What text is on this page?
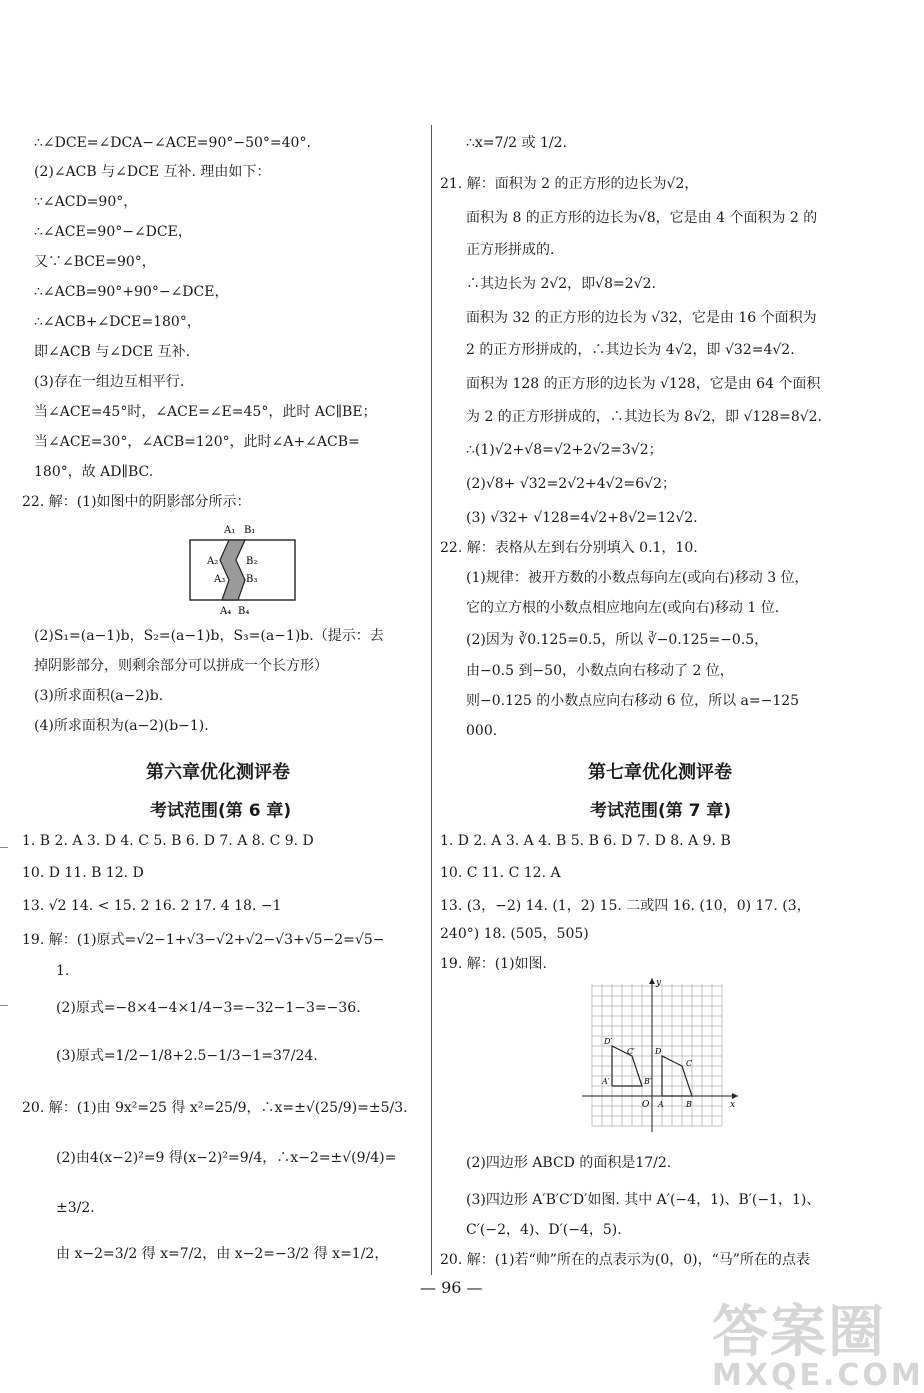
∴∠DCE=∠DCA−∠ACE=90°−50°=40°.
(2)∠ACB 与∠DCE 互补. 理由如下：
∵∠ACD=90°，
∴∠ACE=90°−∠DCE，
又∵∠BCE=90°，
∴∠ACB=90°+90°−∠DCE，
∴∠ACB+∠DCE=180°，
即∠ACB 与∠DCE 互补.
(3)存在一组边互相平行.
当∠ACE=45°时，∠ACE=∠E=45°，此时 AC∥BE；
当∠ACE=30°，∠ACB=120°，此时∠A+∠ACB=
180°，故 AD∥BC.
22. 解：(1)如图中的阴影部分所示：
A₁ B₁
A₂	B₂
A₃ B₃
A₄ B₄
(2)S₁=(a−1)b，S₂=(a−1)b，S₃=(a−1)b.（提示：去
掉阴影部分，则剩余部分可以拼成一个长方形）
(3)所求面积(a−2)b.
(4)所求面积为(a−2)(b−1).
第六章优化测评卷
考试范围(第 6 章)
1. B 2. A 3. D 4. C 5. B 6. D 7. A 8. C 9. D
10. D 11. B 12. D
13. √2 14. < 15. 2 16. 2 17. 4 18. −1
19. 解：(1)原式=√2−1+√3−√2+√2−√3+√5−2=√5−
1.
(2)原式=−8×4−4×1/4−3=−32−1−3=−36.
(3)原式=1/2−1/8+2.5−1/3−1=37/24.
20. 解：(1)由 9x²=25 得 x²=25/9，∴x=±√(25/9)=±5/3.
(2)由4(x−2)²=9 得(x−2)²=9/4，∴x−2=±√(9/4)=
±3/2.
由 x−2=3/2 得 x=7/2，由 x−2=−3/2 得 x=1/2，
∴x=7/2 或 1/2.
21. 解：面积为 2 的正方形的边长为√2，
面积为 8 的正方形的边长为√8，它是由 4 个面积为 2 的
正方形拼成的.
∴其边长为 2√2，即√8=2√2.
面积为 32 的正方形的边长为 √32，它是由 16 个面积为
2 的正方形拼成的，∴其边长为 4√2，即 √32=4√2.
面积为 128 的正方形的边长为 √128，它是由 64 个面积
为 2 的正方形拼成的，∴其边长为 8√2，即 √128=8√2.
∴(1)√2+√8=√2+2√2=3√2；
(2)√8+ √32=2√2+4√2=6√2；
(3) √32+ √128=4√2+8√2=12√2.
22. 解：表格从左到右分别填入 0.1，10.
(1)规律：被开方数的小数点每向左(或向右)移动 3 位，
它的立方根的小数点相应地向左(或向右)移动 1 位.
(2)因为 ∛0.125=0.5，所以 ∛−0.125=−0.5，
由−0.5 到−50，小数点向右移动了 2 位，
则−0.125 的小数点应向右移动 6 位，所以 a=−125
000.
第七章优化测评卷
考试范围(第 7 章)
1. D 2. A 3. A 4. B 5. B 6. D 7. D 8. A 9. B
10. C 11. C 12. A
13. (3，−2) 14. (1，2) 15. 二或四 16. (10，0) 17. (3，
240°) 18. (505，505)
19. 解：(1)如图.
x
y
O
D′
C′
A′	B′
D
C
A	B
(2)四边形 ABCD 的面积是17/2.
(3)四边形 A′B′C′D′如图. 其中 A′(−4，1)、B′(−1，1)、
C′(−2，4)、D′(−4，5).
20. 解：(1)若“帅”所在的点表示为(0，0)，“马”所在的点表
— 96 —
答案圈
MXQE.COM
